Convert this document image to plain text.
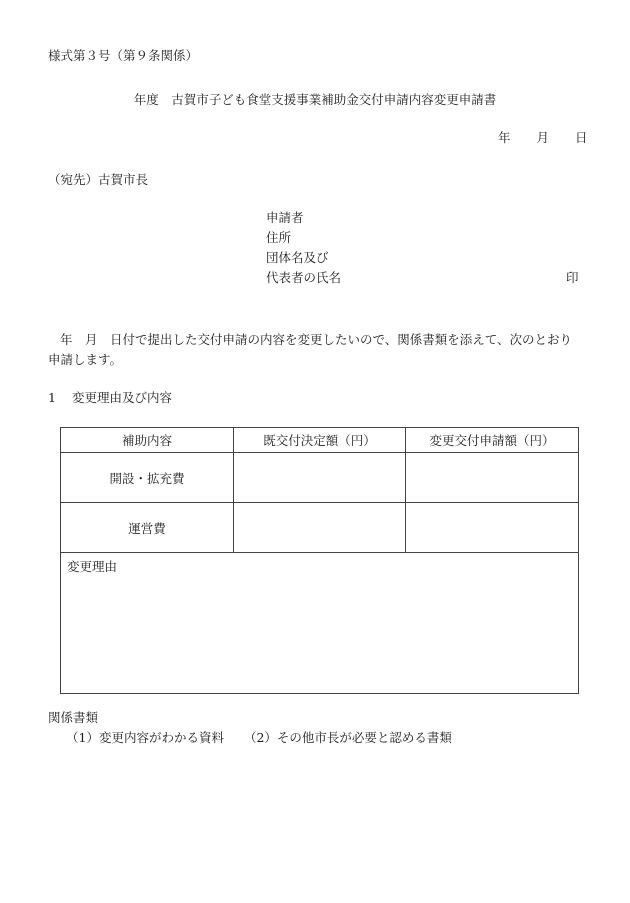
様式第３号（第９条関係）
年度　古賀市子ども食堂支援事業補助金交付申請内容変更申請書
年 月 日
（宛先）古賀市長
申請者
住所
団体名及び
代表者の氏名	印
年　月　日付で提出した交付申請の内容を変更したいので、関係書類を添えて、次のとおり申請します。
1 変更理由及び内容
補助内容	既交付決定額（円）	変更交付申請額（円）
開設・拡充費		
運営費		
変更理由		
関係書類
（1）変更内容がわかる資料 （2）その他市長が必要と認める書類
